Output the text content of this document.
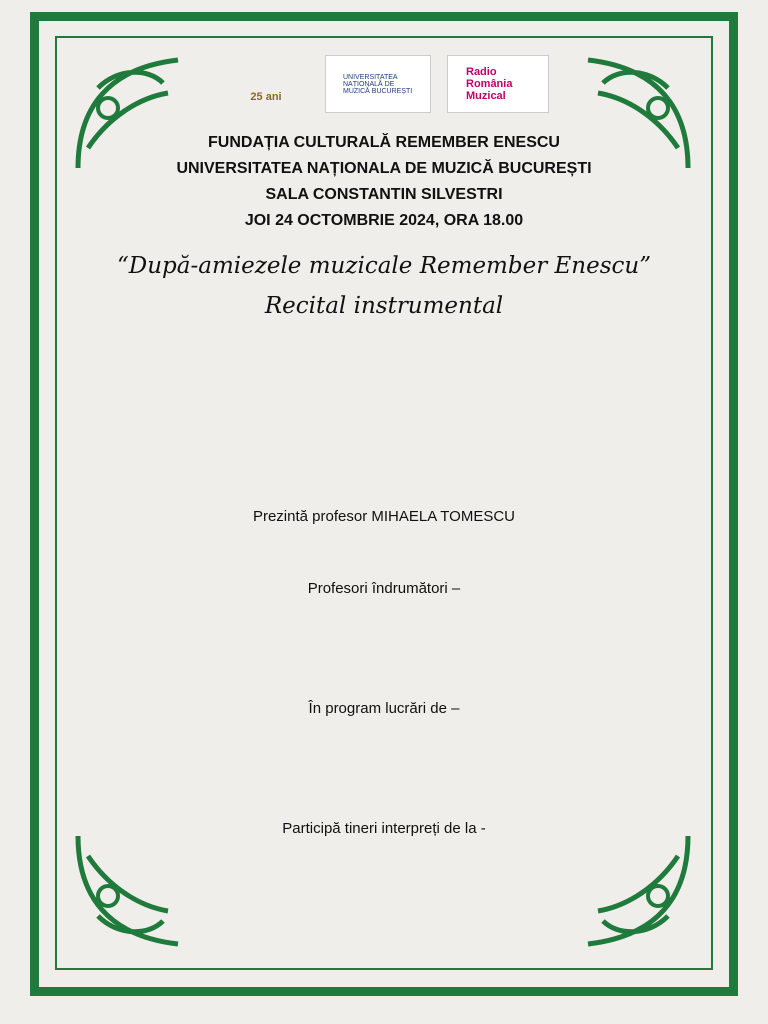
25 ani
UNIVERSITATEA NAȚIONALĂ DE MUZICĂ BUCUREȘTI
Radio România Muzical
FUNDAȚIA CULTURALĂ REMEMBER ENESCU
UNIVERSITATEA NAȚIONALA DE MUZICĂ BUCUREȘTI
SALA CONSTANTIN SILVESTRI
JOI 24 OCTOMBRIE 2024, ORA 18.00
“După-amiezele muzicale Remember Enescu”
Recital instrumental
Prezintă profesor MIHAELA TOMESCU
Profesori îndrumători –
În program lucrări de –
Participă tineri interpreți de la -
